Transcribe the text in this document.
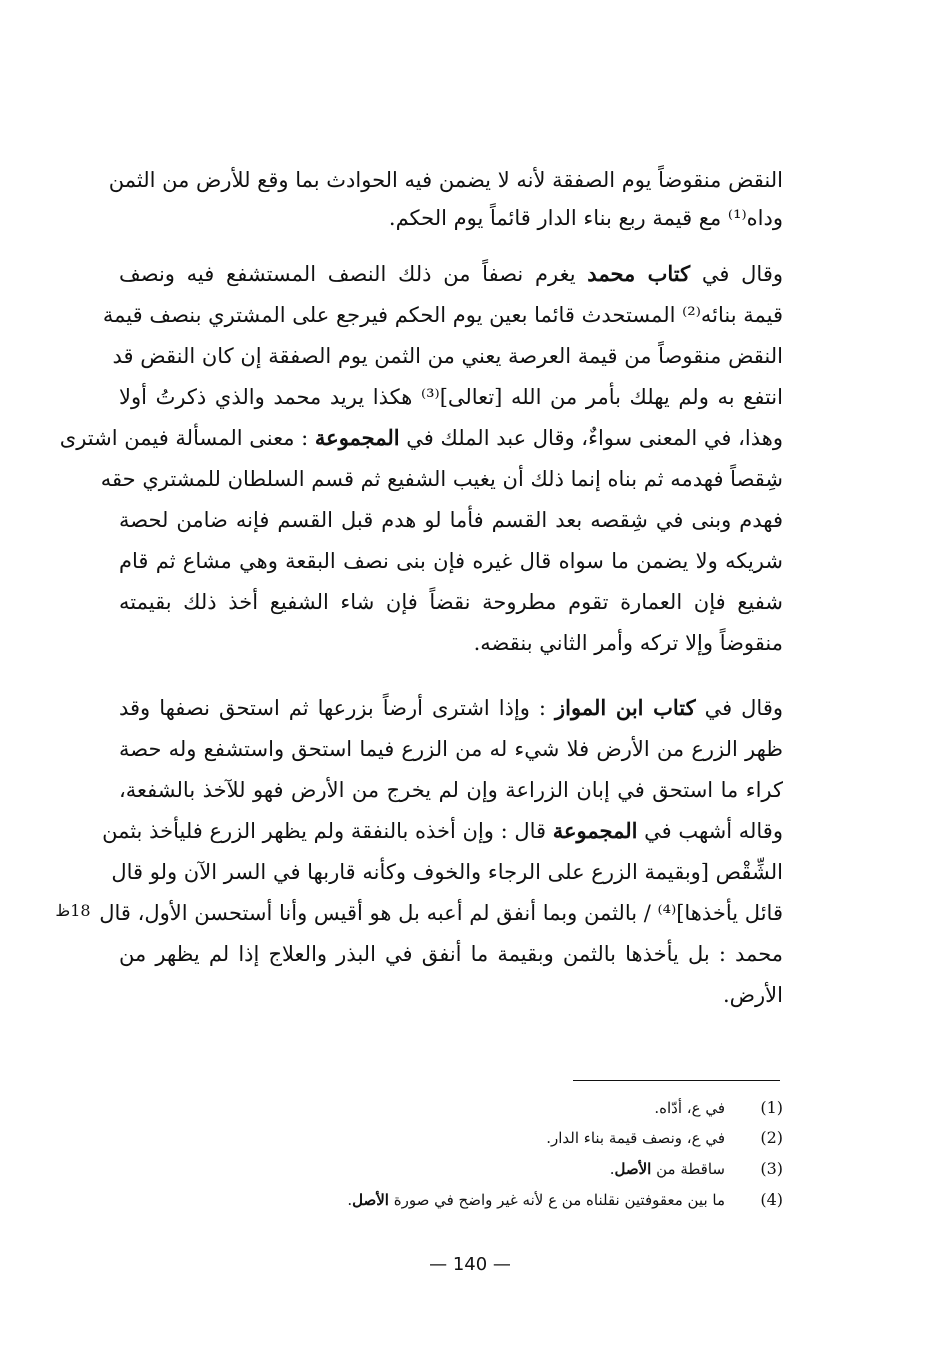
النقض منقوضاً يوم الصفقة لأنه لا يضمن فيه الحوادث بما وقع للأرض من الثمن
وداه⁽¹⁾ مع قيمة ربع بناء الدار قائماً يوم الحكم.
وقال في كتاب محمد يغرم نصفاً من ذلك النصف المستشفع فيه ونصف
قيمة بنائه⁽²⁾ المستحدث قائما بعين يوم الحكم فيرجع على المشتري بنصف قيمة
النقض منقوصاً من قيمة العرصة يعني من الثمن يوم الصفقة إن كان النقض قد
انتفع به ولم يهلك بأمر من الله [تعالى]⁽³⁾ هكذا يريد محمد والذي ذكرتُ أولا
وهذا، في المعنى سواءٌ، وقال عبد الملك في المجموعة : معنى المسألة فيمن اشترى
شِقصاً فهدمه ثم بناه إنما ذلك أن يغيب الشفيع ثم قسم السلطان للمشتري حقه
فهدم وبنى في شِقصه بعد القسم فأما لو هدم قبل القسم فإنه ضامن لحصة
شريكه ولا يضمن ما سواه قال غيره فإن بنى نصف البقعة وهي مشاع ثم قام
شفيع فإن العمارة تقوم مطروحة نقضاً فإن شاء الشفيع أخذ ذلك بقيمته
منقوضاً وإلا تركه وأمر الثاني بنقضه.
وقال في كتاب ابن المواز : وإذا اشترى أرضاً بزرعها ثم استحق نصفها وقد
ظهر الزرع من الأرض فلا شيء له من الزرع فيما استحق واستشفع وله حصة
كراء ما استحق في إبان الزراعة وإن لم يخرج من الأرض فهو للآخذ بالشفعة،
وقاله أشهب في المجموعة قال : وإن أخذه بالنفقة ولم يظهر الزرع فليأخذ بثمن
الشِّقْص [وبقيمة الزرع على الرجاء والخوف وكأنه قاربها في السر الآن ولو قال
قائل يأخذها]⁽⁴⁾ / بالثمن وبما أنفق لم أعبه بل هو أقيس وأنا أستحسن الأول، قال
محمد : بل يأخذها بالثمن وبقيمة ما أنفق في البذر والعلاج إذا لم يظهر من
الأرض.
18ظ
(1)في ع، أدّاه.
(2)في ع، ونصف قيمة بناء الدار.
(3)ساقطة من الأصل.
(4)ما بين معقوفتين نقلناه من ع لأنه غير واضح في صورة الأصل.
— 140 —
